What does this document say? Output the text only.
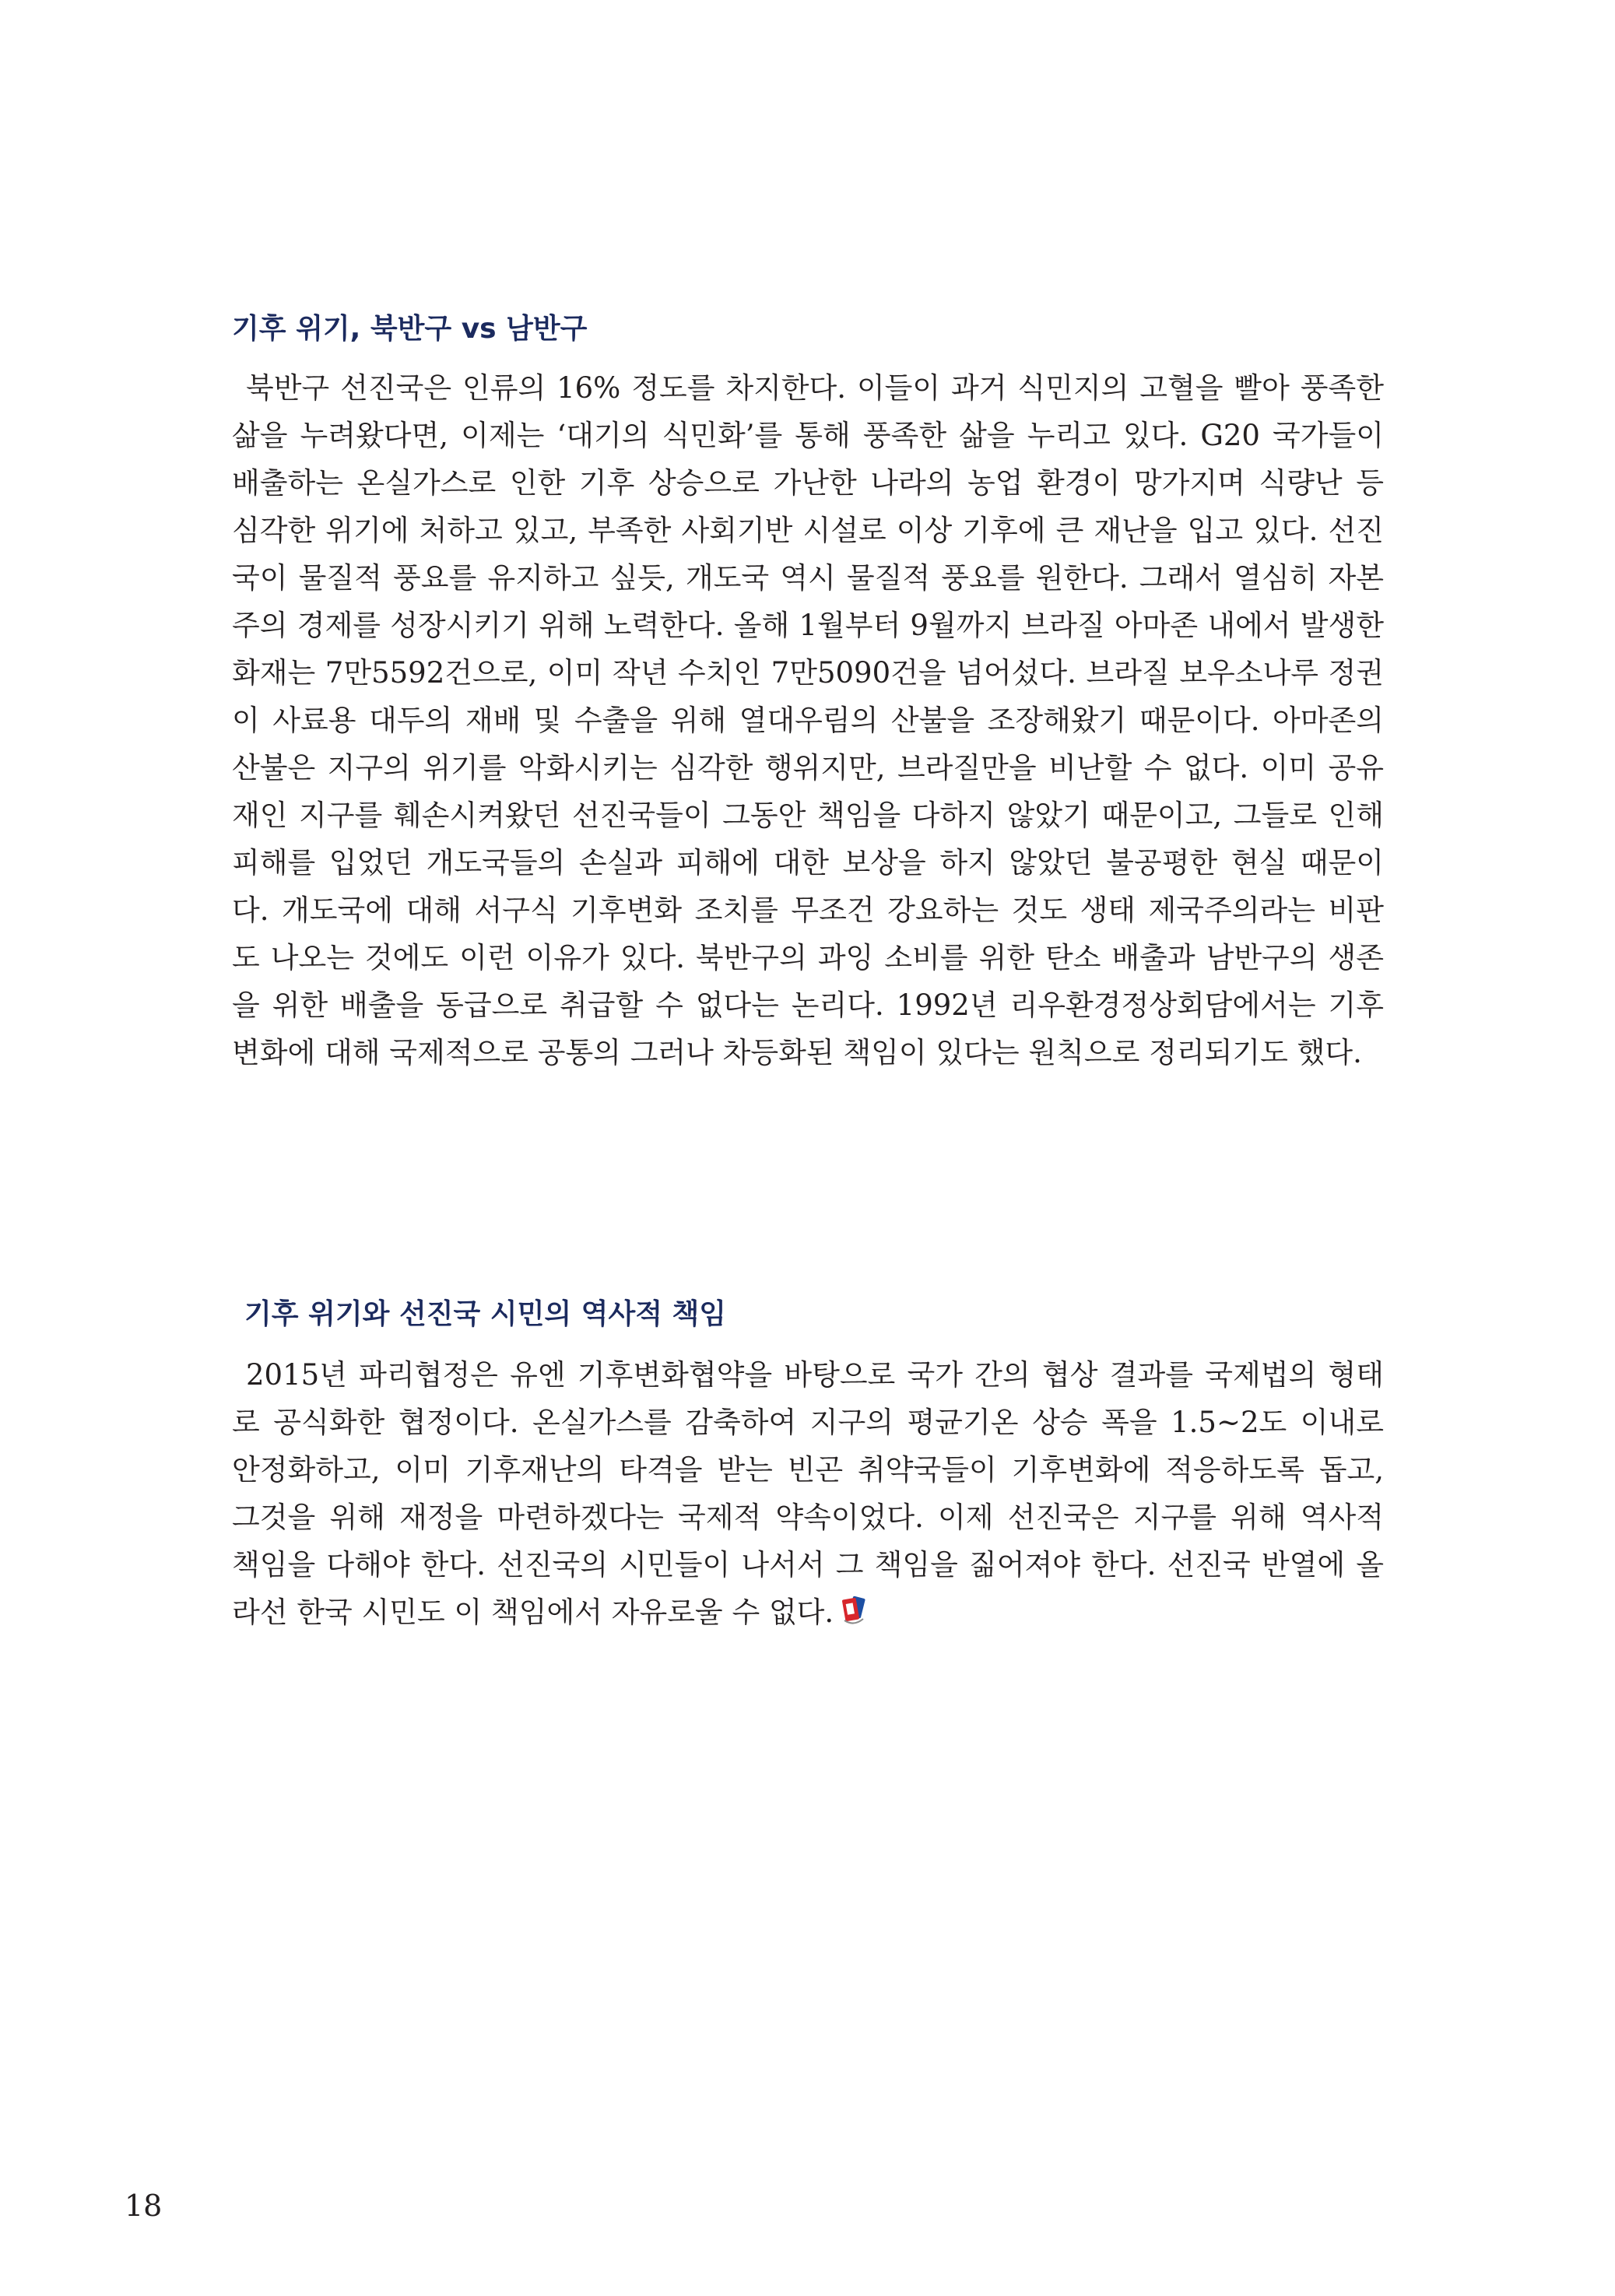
기후 위기, 북반구 vs 남반구
북반구 선진국은 인류의 16% 정도를 차지한다. 이들이 과거 식민지의 고혈을 빨아 풍족한
삶을 누려왔다면, 이제는 ‘대기의 식민화’를 통해 풍족한 삶을 누리고 있다. G20 국가들이
배출하는 온실가스로 인한 기후 상승으로 가난한 나라의 농업 환경이 망가지며 식량난 등
심각한 위기에 처하고 있고, 부족한 사회기반 시설로 이상 기후에 큰 재난을 입고 있다. 선진
국이 물질적 풍요를 유지하고 싶듯, 개도국 역시 물질적 풍요를 원한다. 그래서 열심히 자본
주의 경제를 성장시키기 위해 노력한다. 올해 1월부터 9월까지 브라질 아마존 내에서 발생한
화재는 7만5592건으로, 이미 작년 수치인 7만5090건을 넘어섰다. 브라질 보우소나루 정권
이 사료용 대두의 재배 및 수출을 위해 열대우림의 산불을 조장해왔기 때문이다. 아마존의
산불은 지구의 위기를 악화시키는 심각한 행위지만, 브라질만을 비난할 수 없다. 이미 공유
재인 지구를 훼손시켜왔던 선진국들이 그동안 책임을 다하지 않았기 때문이고, 그들로 인해
피해를 입었던 개도국들의 손실과 피해에 대한 보상을 하지 않았던 불공평한 현실 때문이
다. 개도국에 대해 서구식 기후변화 조치를 무조건 강요하는 것도 생태 제국주의라는 비판
도 나오는 것에도 이런 이유가 있다. 북반구의 과잉 소비를 위한 탄소 배출과 남반구의 생존
을 위한 배출을 동급으로 취급할 수 없다는 논리다. 1992년 리우환경정상회담에서는 기후
변화에 대해 국제적으로 공통의 그러나 차등화된 책임이 있다는 원칙으로 정리되기도 했다.
기후 위기와 선진국 시민의 역사적 책임
2015년 파리협정은 유엔 기후변화협약을 바탕으로 국가 간의 협상 결과를 국제법의 형태
로 공식화한 협정이다. 온실가스를 감축하여 지구의 평균기온 상승 폭을 1.5~2도 이내로
안정화하고, 이미 기후재난의 타격을 받는 빈곤 취약국들이 기후변화에 적응하도록 돕고,
그것을 위해 재정을 마련하겠다는 국제적 약속이었다. 이제 선진국은 지구를 위해 역사적
책임을 다해야 한다. 선진국의 시민들이 나서서 그 책임을 짊어져야 한다. 선진국 반열에 올
라선 한국 시민도 이 책임에서 자유로울 수 없다.

18
